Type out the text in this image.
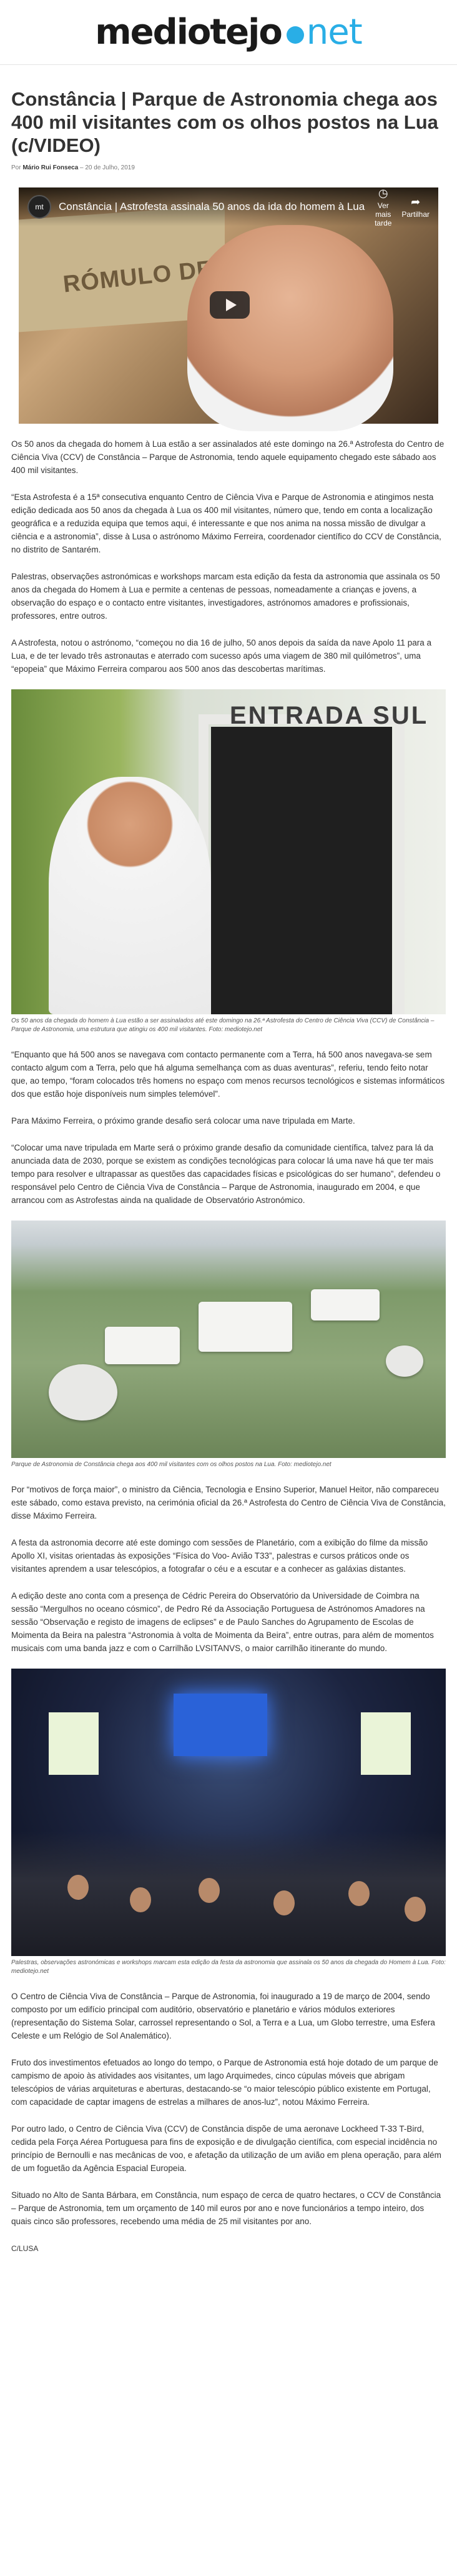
mediotejo net
Constância | Parque de Astronomia chega aos 400 mil visitantes com os olhos postos na Lua (c/VIDEO)
Por Mário Rui Fonseca – 20 de Julho, 2019
RÓMULO DE
mt	Constância | Astrofesta assinala 50 anos da ida do homem à Lua
◷
Ver mais tarde
➦
Partilhar

Os 50 anos da chegada do homem à Lua estão a ser assinalados até este domingo na 26.ª Astrofesta do Centro de Ciência Viva (CCV) de Constância – Parque de Astronomia, tendo aquele equipamento chegado este sábado aos 400 mil visitantes.

“Esta Astrofesta é a 15ª consecutiva enquanto Centro de Ciência Viva e Parque de Astronomia e atingimos nesta edição dedicada aos 50 anos da chegada à Lua os 400 mil visitantes, número que, tendo em conta a localização geográfica e a reduzida equipa que temos aqui, é interessante e que nos anima na nossa missão de divulgar a ciência e a astronomia”, disse à Lusa o astrónomo Máximo Ferreira, coordenador científico do CCV de Constância, no distrito de Santarém.

Palestras, observações astronómicas e workshops marcam esta edição da festa da astronomia que assinala os 50 anos da chegada do Homem à Lua e permite a centenas de pessoas, nomeadamente a crianças e jovens, a observação do espaço e o contacto entre visitantes, investigadores, astrónomos amadores e profissionais, professores, entre outros.

A Astrofesta, notou o astrónomo, “começou no dia 16 de julho, 50 anos depois da saída da nave Apolo 11 para a Lua, e de ter levado três astronautas e aterrado com sucesso após uma viagem de 380 mil quilómetros”, uma “epopeia” que Máximo Ferreira comparou aos 500 anos das descobertas marítimas.

ENTRADA SUL
Os 50 anos da chegada do homem à Lua estão a ser assinalados até este domingo na 26.ª Astrofesta do Centro de Ciência Viva (CCV) de Constância – Parque de Astronomia, uma estrutura que atingiu os 400 mil visitantes. Foto: mediotejo.net

“Enquanto que há 500 anos se navegava com contacto permanente com a Terra, há 500 anos navegava-se sem contacto algum com a Terra, pelo que há alguma semelhança com as duas aventuras”, referiu, tendo feito notar que, ao tempo, “foram colocados três homens no espaço com menos recursos tecnológicos e sistemas informáticos dos que estão hoje disponíveis num simples telemóvel”.

Para Máximo Ferreira, o próximo grande desafio será colocar uma nave tripulada em Marte.

“Colocar uma nave tripulada em Marte será o próximo grande desafio da comunidade científica, talvez para lá da anunciada data de 2030, porque se existem as condições tecnológicas para colocar lá uma nave há que ter mais tempo para resolver e ultrapassar as questões das capacidades físicas e psicológicas do ser humano”, defendeu o responsável pelo Centro de Ciência Viva de Constância – Parque de Astronomia, inaugurado em 2004, e que arrancou com as Astrofestas ainda na qualidade de Observatório Astronómico.

Parque de Astronomia de Constância chega aos 400 mil visitantes com os olhos postos na Lua. Foto: mediotejo.net

Por “motivos de força maior”, o ministro da Ciência, Tecnologia e Ensino Superior, Manuel Heitor, não compareceu este sábado, como estava previsto, na cerimónia oficial da 26.ª Astrofesta do Centro de Ciência Viva de Constância, disse Máximo Ferreira.

A festa da astronomia decorre até este domingo com sessões de Planetário, com a exibição do filme da missão Apollo XI, visitas orientadas às exposições “Física do Voo- Avião T33”, palestras e cursos práticos onde os visitantes aprendem a usar telescópios, a fotografar o céu e a escutar e a conhecer as galáxias distantes.

A edição deste ano conta com a presença de Cédric Pereira do Observatório da Universidade de Coimbra na sessão “Mergulhos no oceano cósmico”, de Pedro Ré da Associação Portuguesa de Astrónomos Amadores na sessão “Observação e registo de imagens de eclipses” e de Paulo Sanches do Agrupamento de Escolas de Moimenta da Beira na palestra “Astronomia à volta de Moimenta da Beira”, entre outras, para além de momentos musicais com uma banda jazz e com o Carrilhão LVSITANVS, o maior carrilhão itinerante do mundo.

Palestras, observações astronómicas e workshops marcam esta edição da festa da astronomia que assinala os 50 anos da chegada do Homem à Lua. Foto: mediotejo.net

O Centro de Ciência Viva de Constância – Parque de Astronomia, foi inaugurado a 19 de março de 2004, sendo composto por um edifício principal com auditório, observatório e planetário e vários módulos exteriores (representação do Sistema Solar, carrossel representando o Sol, a Terra e a Lua, um Globo terrestre, uma Esfera Celeste e um Relógio de Sol Analemático).

Fruto dos investimentos efetuados ao longo do tempo, o Parque de Astronomia está hoje dotado de um parque de campismo de apoio às atividades aos visitantes, um lago Arquimedes, cinco cúpulas móveis que abrigam telescópios de várias arquiteturas e aberturas, destacando-se “o maior telescópio público existente em Portugal, com capacidade de captar imagens de estrelas a milhares de anos-luz”, notou Máximo Ferreira.

Por outro lado, o Centro de Ciência Viva (CCV) de Constância dispõe de uma aeronave Lockheed T-33 T-Bird, cedida pela Força Aérea Portuguesa para fins de exposição e de divulgação científica, com especial incidência no princípio de Bernoulli e nas mecânicas de voo, e afetação da utilização de um avião em plena operação, para além de um foguetão da Agência Espacial Europeia.

Situado no Alto de Santa Bárbara, em Constância, num espaço de cerca de quatro hectares, o CCV de Constância – Parque de Astronomia, tem um orçamento de 140 mil euros por ano e nove funcionários a tempo inteiro, dos quais cinco são professores, recebendo uma média de 25 mil visitantes por ano.

C/LUSA
